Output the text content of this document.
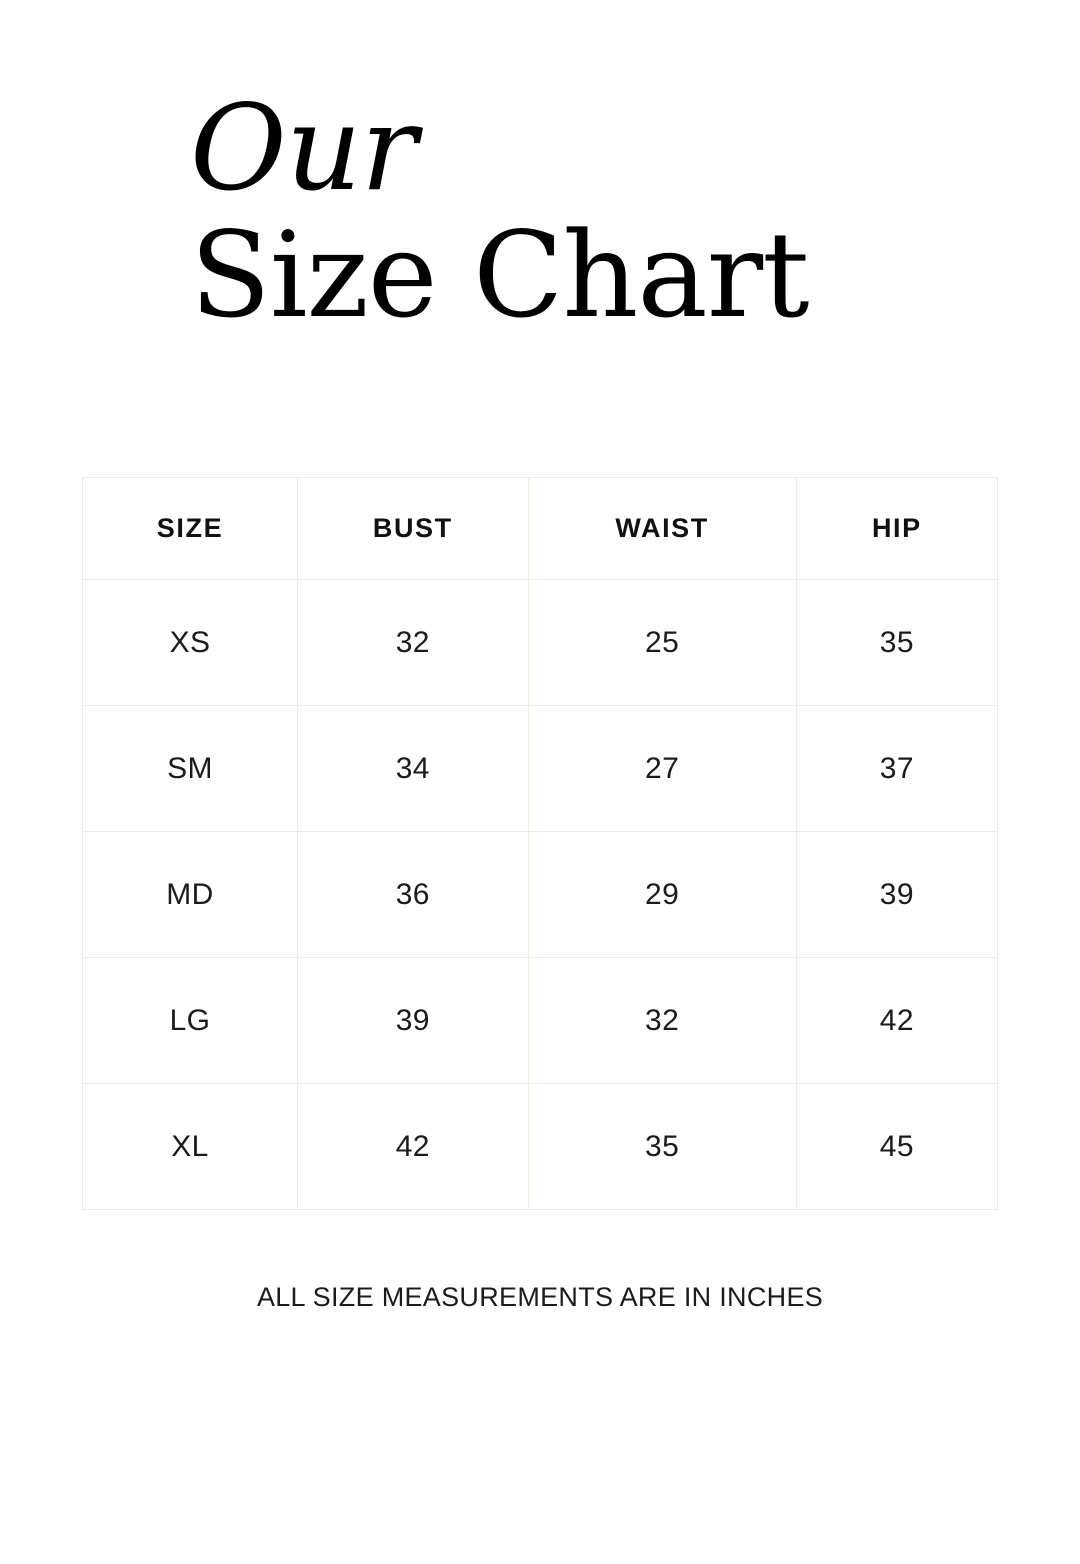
Our
Size Chart
SIZE	BUST	WAIST	HIP
XS	32	25	35
SM	34	27	37
MD	36	29	39
LG	39	32	42
XL	42	35	45
ALL SIZE MEASUREMENTS ARE IN INCHES
